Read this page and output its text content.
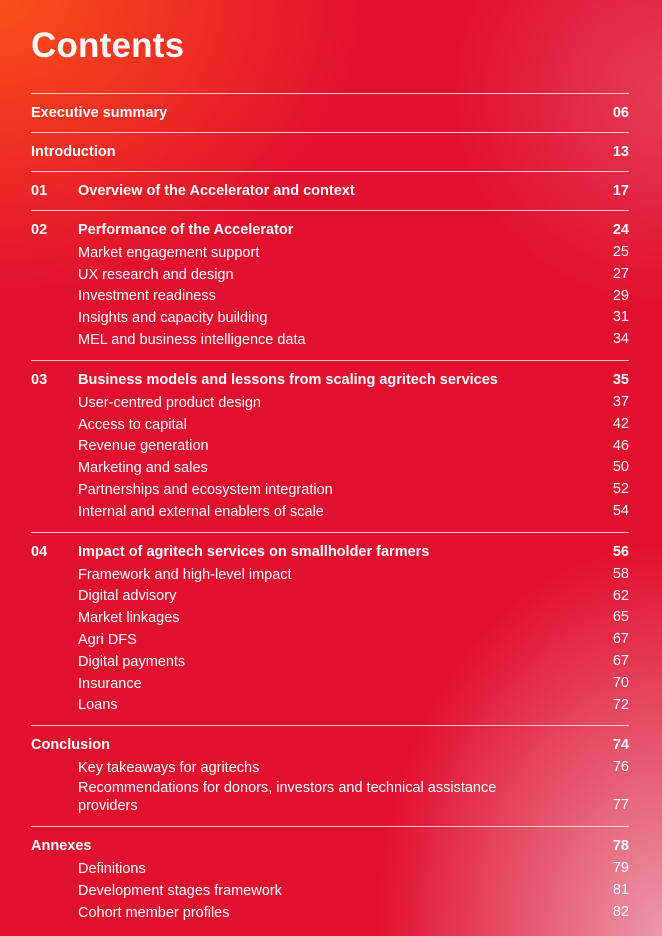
Contents
Executive summary	06
Introduction	13
01	Overview of the Accelerator and context	17
02	Performance of the Accelerator	24
Market engagement support	25
UX research and design	27
Investment readiness	29
Insights and capacity building	31
MEL and business intelligence data	34
03	Business models and lessons from scaling agritech services	35
User-centred product design	37
Access to capital	42
Revenue generation	46
Marketing and sales	50
Partnerships and ecosystem integration	52
Internal and external enablers of scale	54
04	Impact of agritech services on smallholder farmers	56
Framework and high-level impact	58
Digital advisory	62
Market linkages	65
Agri DFS	67
Digital payments	67
Insurance	70
Loans	72
Conclusion	74
Key takeaways for agritechs	76
Recommendations for donors, investors and technical assistance providers	77
Annexes	78
Definitions	79
Development stages framework	81
Cohort member profiles	82
